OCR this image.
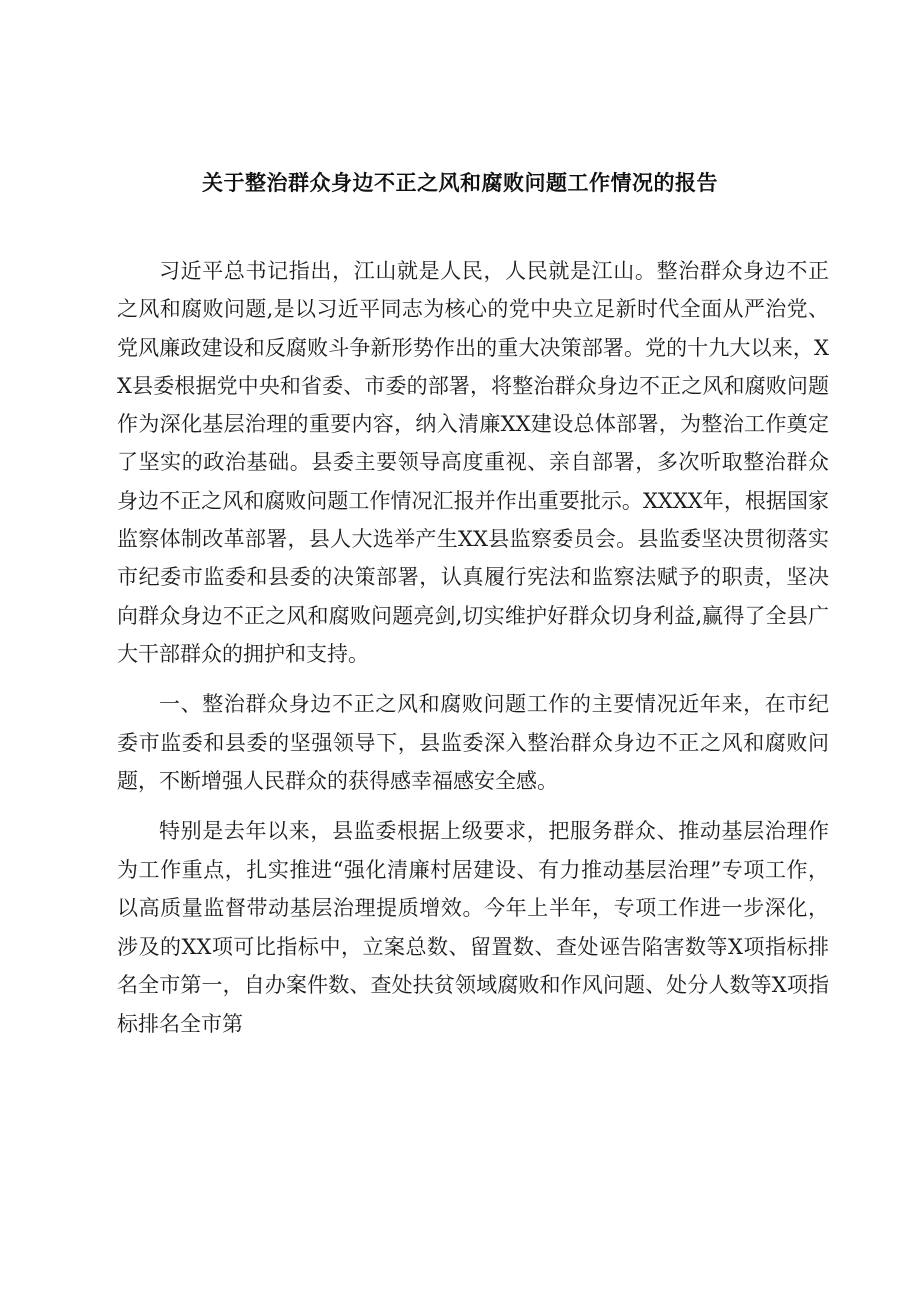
关于整治群众身边不正之风和腐败问题工作情况的报告

习近平总书记指出，江山就是人民，人民就是江山。整治群众身边不正之风和腐败问题,是以习近平同志为核心的党中央立足新时代全面从严治党、党风廉政建设和反腐败斗争新形势作出的重大决策部署。党的十九大以来，XX县委根据党中央和省委、市委的部署，将整治群众身边不正之风和腐败问题作为深化基层治理的重要内容，纳入清廉XX建设总体部署，为整治工作奠定了坚实的政治基础。县委主要领导高度重视、亲自部署，多次听取整治群众身边不正之风和腐败问题工作情况汇报并作出重要批示。XXXX年，根据国家监察体制改革部署，县人大选举产生XX县监察委员会。县监委坚决贯彻落实市纪委市监委和县委的决策部署，认真履行宪法和监察法赋予的职责，坚决向群众身边不正之风和腐败问题亮剑,切实维护好群众切身利益,赢得了全县广大干部群众的拥护和支持。

一、整治群众身边不正之风和腐败问题工作的主要情况近年来，在市纪委市监委和县委的坚强领导下，县监委深入整治群众身边不正之风和腐败问题，不断增强人民群众的获得感幸福感安全感。

特别是去年以来，县监委根据上级要求，把服务群众、推动基层治理作为工作重点，扎实推进“强化清廉村居建设、有力推动基层治理”专项工作，以高质量监督带动基层治理提质增效。今年上半年，专项工作进一步深化，涉及的XX项可比指标中，立案总数、留置数、查处诬告陷害数等X项指标排名全市第一，自办案件数、查处扶贫领域腐败和作风问题、处分人数等X项指标排名全市第
